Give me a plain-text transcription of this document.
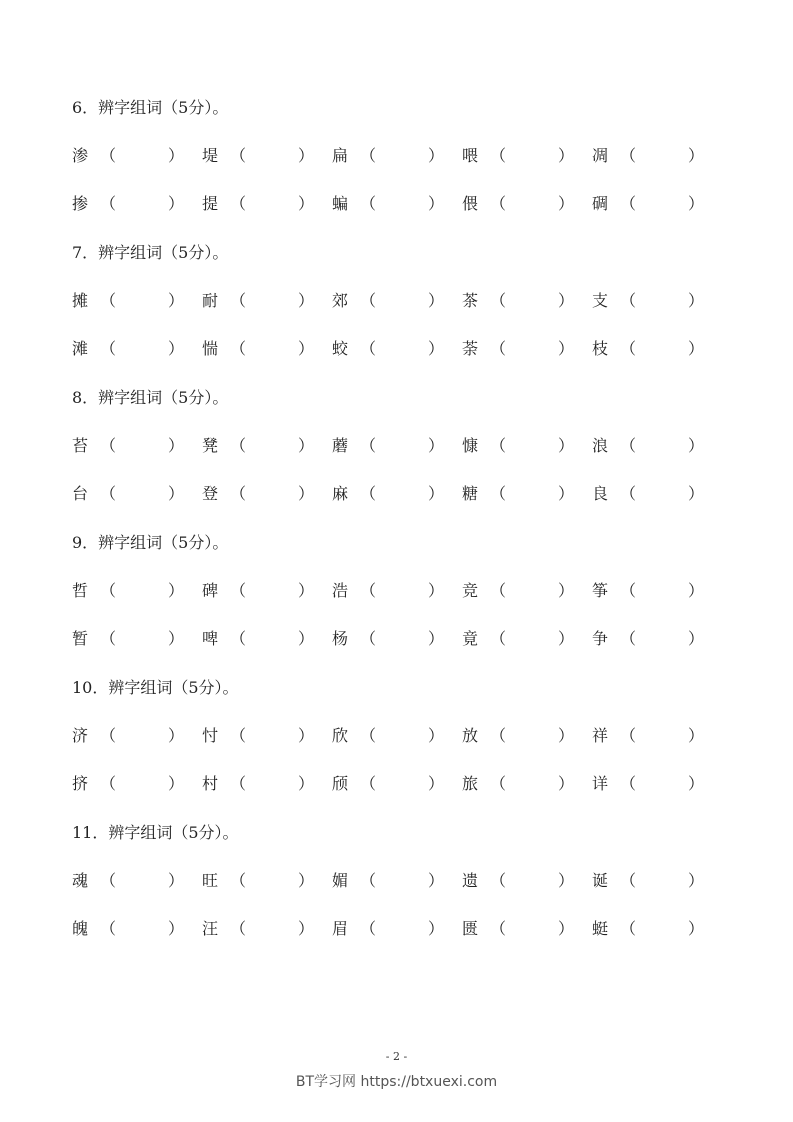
6．辨字组词（5分）。
渗 （	） 堤 （	） 扁 （	） 喂 （	） 凋 （	）
掺 （	） 提 （	） 蝙 （	） 偎 （	） 碉 （	）
7．辨字组词（5分）。
摊 （	） 耐 （	） 郊 （	） 茶 （	） 支 （	）
滩 （	） 惴 （	） 蛟 （	） 荼 （	） 枝 （	）
8．辨字组词（5分）。
苔 （	） 凳 （	） 蘑 （	） 慷 （	） 浪 （	）
台 （	） 登 （	） 麻 （	） 糖 （	） 良 （	）
9．辨字组词（5分）。
哲 （	） 碑 （	） 浩 （	） 竞 （	） 筝 （	）
暂 （	） 啤 （	） 杨 （	） 竟 （	） 争 （	）
10．辨字组词（5分）。
济 （	） 忖 （	） 欣 （	） 放 （	） 祥 （	）
挤 （	） 村 （	） 颀 （	） 旅 （	） 详 （	）
11．辨字组词（5分）。
魂 （	） 旺 （	） 媚 （	） 遗 （	） 诞 （	）
魄 （	） 汪 （	） 眉 （	） 匮 （	） 蜓 （	）
- 2 -
BT学习网 https://btxuexi.com
